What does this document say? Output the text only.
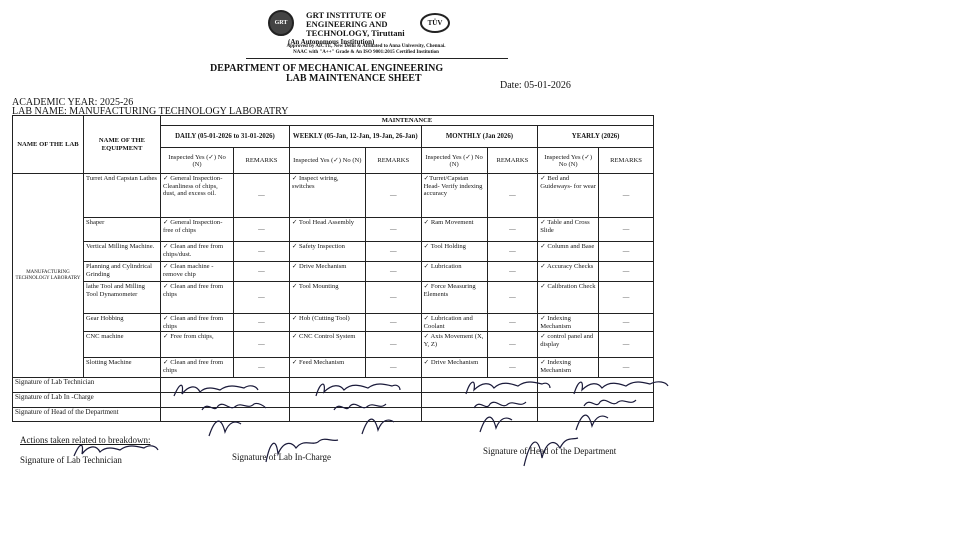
GRT
GRT INSTITUTE OF ENGINEERING AND TECHNOLOGY, Tiruttani
TÜV
(An Autonomous Institution)
Approved by AICTE, New Delhi & Affiliated to Anna University, Chennai.
NAAC with "A++" Grade & An ISO 9001:2015 Certified Institution
DEPARTMENT OF MECHANICAL ENGINEERING
LAB MAINTENANCE SHEET
Date: 05-01-2026
ACADEMIC YEAR: 2025-26
LAB NAME: MANUFACTURING TECHNOLOGY LABORATRY
NAME OF THE LAB	NAME OF THE EQUIPMENT	MAINTENANCE							
		DAILY (05-01-2026 to 31-01-2026)		WEEKLY (05-Jan, 12-Jan, 19-Jan, 26-Jan)		MONTHLY (Jan 2026)		YEARLY (2026)	
		Inspected Yes (✓) No (N)	REMARKS	Inspected Yes (✓) No (N)	REMARKS	Inspected Yes (✓) No (N)	REMARKS	Inspected Yes (✓) No (N)	REMARKS
MANUFACTURING TECHNOLOGY LABORATRY	Turret And Capstan Lathes	✓ General Inspection- Cleanliness of chips, dust, and excess oil.	—	✓ Inspect wiring, switches	—	✓Turret/Capstan Head- Verify indexing accuracy	—	✓ Bed and Guideways- for wear	—
	Shaper	✓ General Inspection- free of chips	—	✓ Tool Head Assembly	—	✓ Ram Movement	—	✓ Table and Cross Slide	—
	Vertical Milling Machine.	✓ Clean and free from chips/dust.	—	✓ Safety Inspection	—	✓ Tool Holding	—	✓ Column and Base	—
	Planning and Cylindrical Grinding	✓ Clean machine - remove chip	—	✓ Drive Mechanism	—	✓ Lubrication	—	✓ Accuracy Checks	—
	lathe Tool and Milling Tool Dynamometer	✓ Clean and free from chips	—	✓ Tool Mounting	—	✓ Force Measuring Elements	—	✓ Calibration Check	—
	Gear Hobbing	✓ Clean and free from chips	—	✓ Hob (Cutting Tool)	—	✓ Lubrication and Coolant	—	✓ Indexing Mechanism	—
	CNC machine	✓ Free from chips,	—	✓ CNC Control System	—	✓ Axis Movement (X, Y, Z)	—	✓ control panel and display	—
	Slotting Machine	✓ Clean and free from chips	—	✓ Feed Mechanism	—	✓ Drive Mechanism	—	✓ Indexing Mechanism	—
Signature of Lab Technician									
Signature of Lab In -Charge									
Signature of Head of the Department									
Actions taken related to breakdown:
Signature of Lab Technician	Signature of Lab In-Charge
Signature of Head of the Department
